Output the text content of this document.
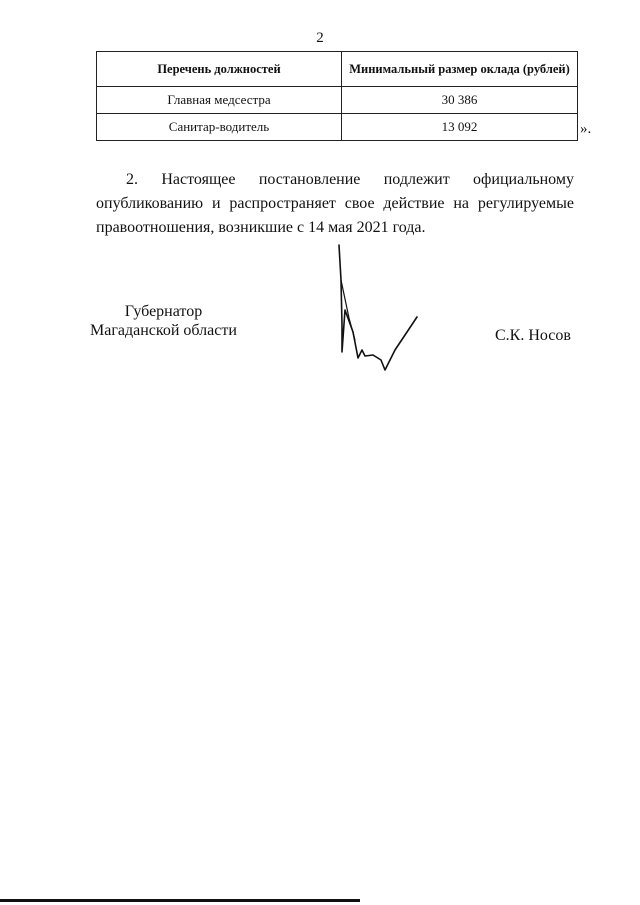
2
Перечень должностей	Минимальный размер оклада (рублей)
Главная медсестра	30 386
Санитар-водитель	13 092	».
2. Настоящее постановление подлежит официальному опубликованию и распространяет свое действие на регулируемые правоотношения, возникшие с 14 мая 2021 года.
Губернатор
Магаданской области	С.К. Носов
